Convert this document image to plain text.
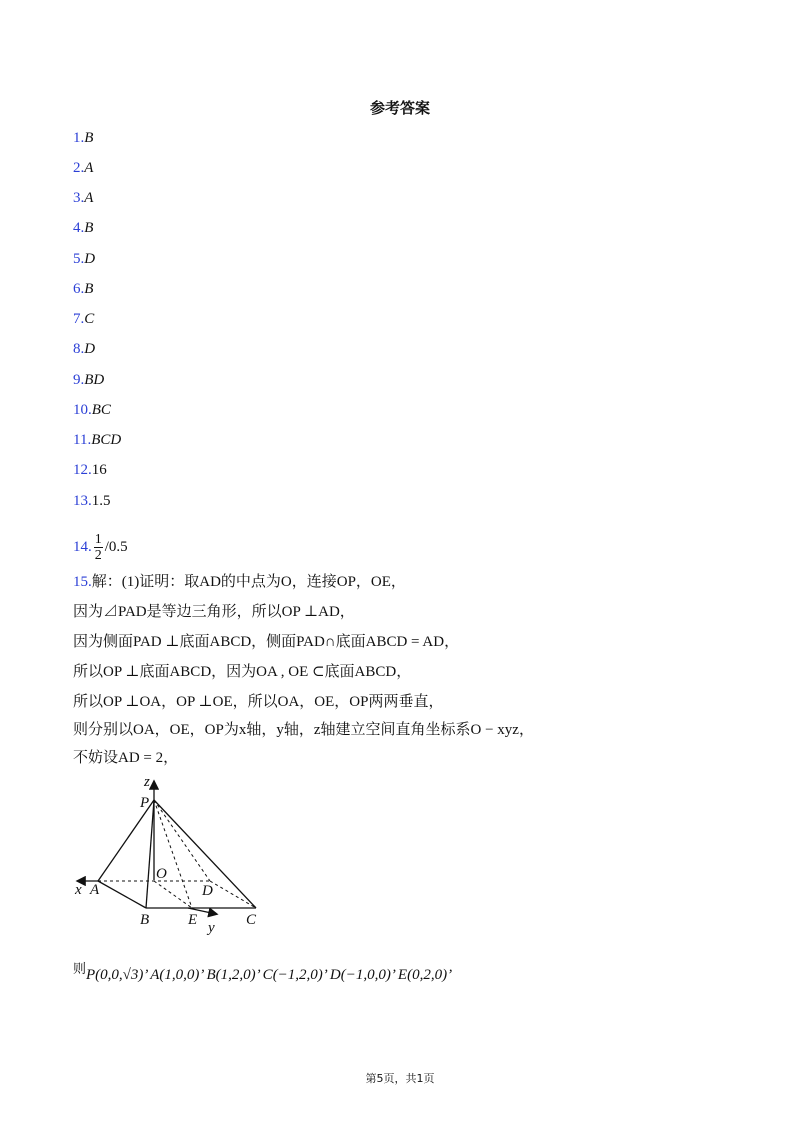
参考答案
1.B
2.A
3.A
4.B
5.D
6.B
7.C
8.D
9.BD
10.BC
11.BCD
12.16
13.1.5
14. $\frac{1}{2} /0.5$
15.解：(1)证明：取AD的中点为O，连接OP，OE，
因为⊿PAD是等边三角形，所以OP ⊥AD，
因为侧面PAD ⊥底面ABCD，侧面PAD∩底面ABCD = AD，
所以OP ⊥底面ABCD，因为OA , OE ⊂底面ABCD，
所以OP ⊥OA，OP ⊥OE，所以OA，OE，OP两两垂直，
则分别以OA，OE，OP为x轴，y轴，z轴建立空间直角坐标系O − xyz，
不妨设AD = 2，
z
P
O
D
x A
B	E	C
y
则P(0,0,√3)’ A(1,0,0)’ B(1,2,0)’ C(−1,2,0)’ D(−1,0,0)’ E(0,2,0)’
第5页，共1页
